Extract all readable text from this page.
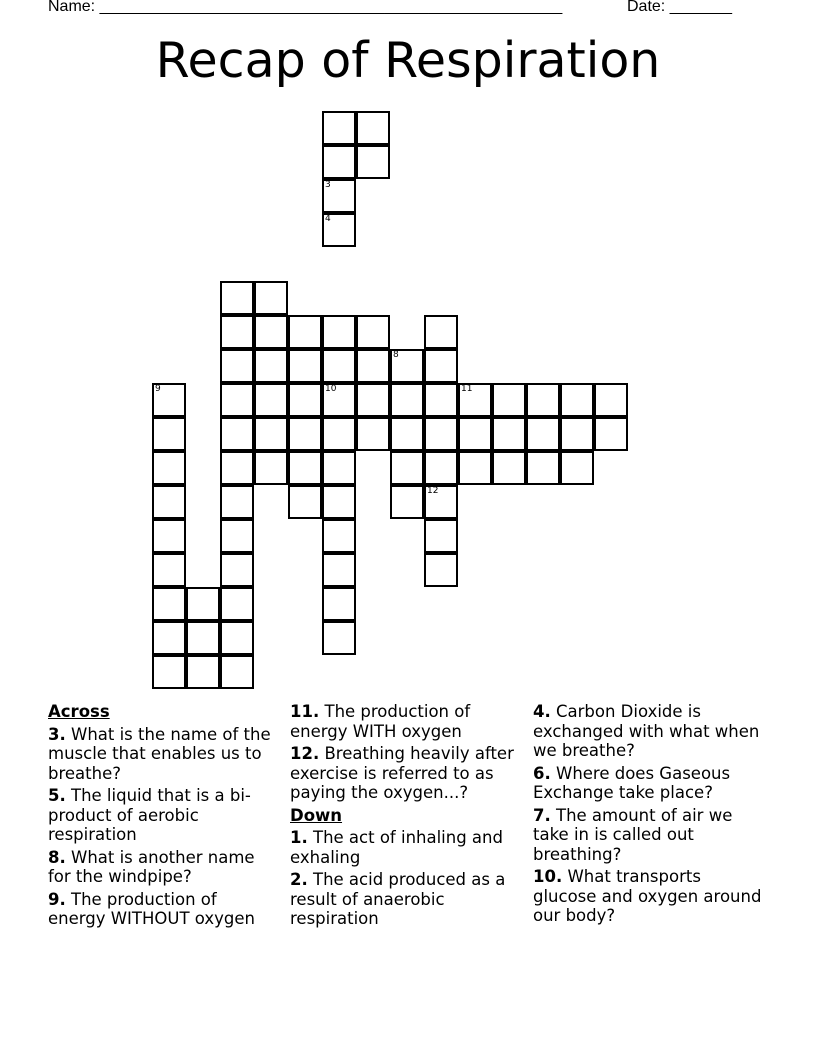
Name: ____________________________________________________	Date: _______
Recap of Respiration
9
3
4
10
8
12
11
Across

3. What is the name of the muscle that enables us to breathe?

5. The liquid that is a bi-product of aerobic respiration

8. What is another name for the windpipe?

9. The production of energy WITHOUT oxygen

11. The production of energy WITH oxygen

12. Breathing heavily after exercise is referred to as paying the oxygen...?

Down

1. The act of inhaling and exhaling

2. The acid produced as a result of anaerobic respiration

4. Carbon Dioxide is exchanged with what when we breathe?

6. Where does Gaseous Exchange take place?

7. The amount of air we take in is called out breathing?

10. What transports glucose and oxygen around our body?
